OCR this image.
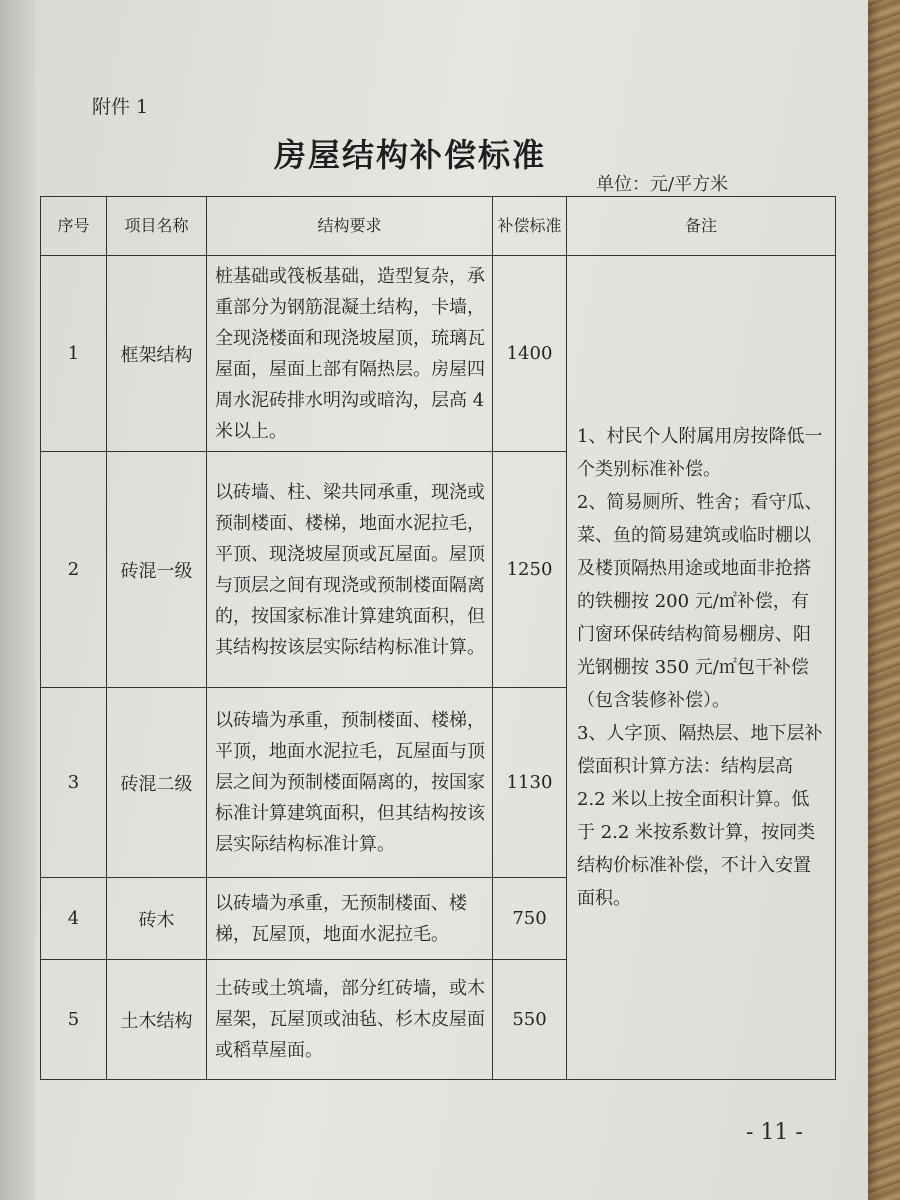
附件 1
房屋结构补偿标准
单位：元/平方米
序号	项目名称	结构要求	补偿标准	备注
1	框架结构	桩基础或筏板基础，造型复杂，承重部分为钢筋混凝土结构，卡墙，全现浇楼面和现浇坡屋顶，琉璃瓦屋面，屋面上部有隔热层。房屋四周水泥砖排水明沟或暗沟，层高 4 米以上。	1400	1、村民个人附属用房按降低一个类别标准补偿。
2、简易厕所、牲舍；看守瓜、菜、鱼的简易建筑或临时棚以及楼顶隔热用途或地面非抢搭的铁棚按 200 元/㎡补偿，有门窗环保砖结构简易棚房、阳光钢棚按 350 元/㎡包干补偿（包含装修补偿）。
3、人字顶、隔热层、地下层补偿面积计算方法：结构层高 2.2 米以上按全面积计算。低于 2.2 米按系数计算，按同类结构价标准补偿，不计入安置面积。

2	砖混一级	以砖墙、柱、梁共同承重，现浇或预制楼面、楼梯，地面水泥拉毛，平顶、现浇坡屋顶或瓦屋面。屋顶与顶层之间有现浇或预制楼面隔离的，按国家标准计算建筑面积，但其结构按该层实际结构标准计算。	1250	
3	砖混二级	以砖墙为承重，预制楼面、楼梯，平顶，地面水泥拉毛，瓦屋面与顶层之间为预制楼面隔离的，按国家标准计算建筑面积，但其结构按该层实际结构标准计算。	1130	
4	砖木	以砖墙为承重，无预制楼面、楼梯，瓦屋顶，地面水泥拉毛。	750	
5	土木结构	土砖或土筑墙，部分红砖墙，或木屋架，瓦屋顶或油毡、杉木皮屋面或稻草屋面。	550	
- 11 -
